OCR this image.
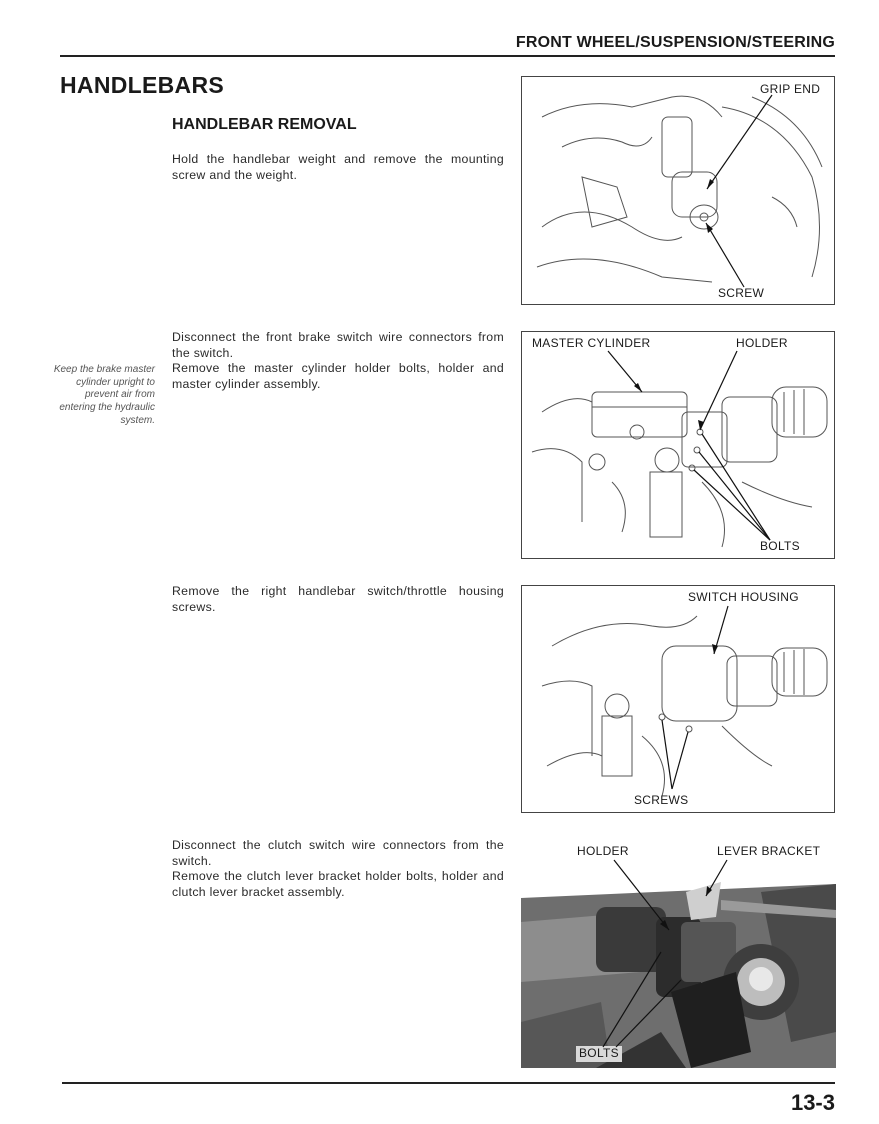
FRONT WHEEL/SUSPENSION/STEERING
HANDLEBARS
HANDLEBAR REMOVAL

Hold the handlebar weight and remove the mounting screw and the weight.

Disconnect the front brake switch wire connectors from the switch.

Remove the master cylinder holder bolts, holder and master cylinder assembly.

Keep the brake master cylinder upright to prevent air from entering the hydraulic system.

Remove the right handlebar switch/throttle housing screws.

Disconnect the clutch switch wire connectors from the switch.

Remove the clutch lever bracket holder bolts, holder and clutch lever bracket assembly.

GRIP END
SCREW
MASTER CYLINDER	HOLDER
BOLTS
SWITCH HOUSING
SCREWS
HOLDER	LEVER BRACKET
BOLTS
13-3
